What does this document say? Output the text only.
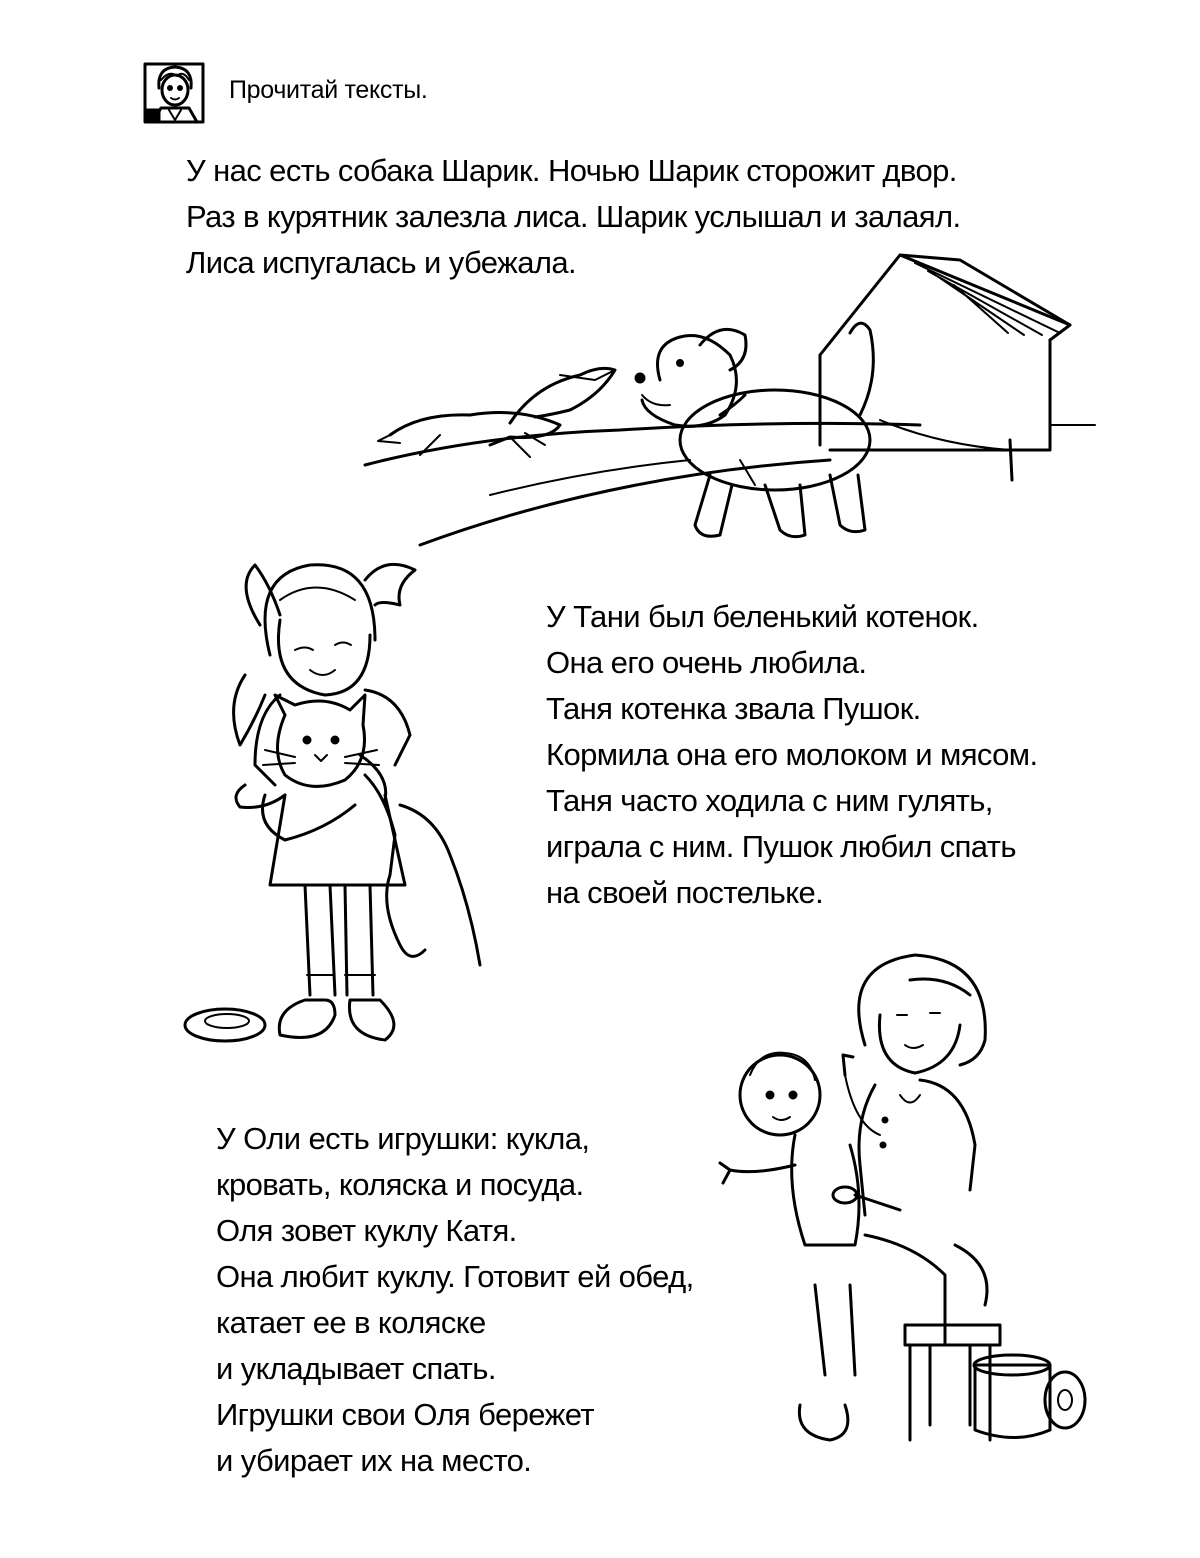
Прочитай тексты.
У нас есть собака Шарик. Ночью Шарик сторожит двор.
Раз в курятник залезла лиса. Шарик услышал и залаял.
Лиса испугалась и убежала.
У Тани был беленький котенок.
Она его очень любила.
Таня котенка звала Пушок.
Кормила она его молоком и мясом.
Таня часто ходила с ним гулять,
играла с ним. Пушок любил спать
на своей постельке.
У Оли есть игрушки: кукла,
кровать, коляска и посуда.
Оля зовет куклу Катя.
Она любит куклу. Готовит ей обед,
катает ее в коляске
и укладывает спать.
Игрушки свои Оля бережет
и убирает их на место.
